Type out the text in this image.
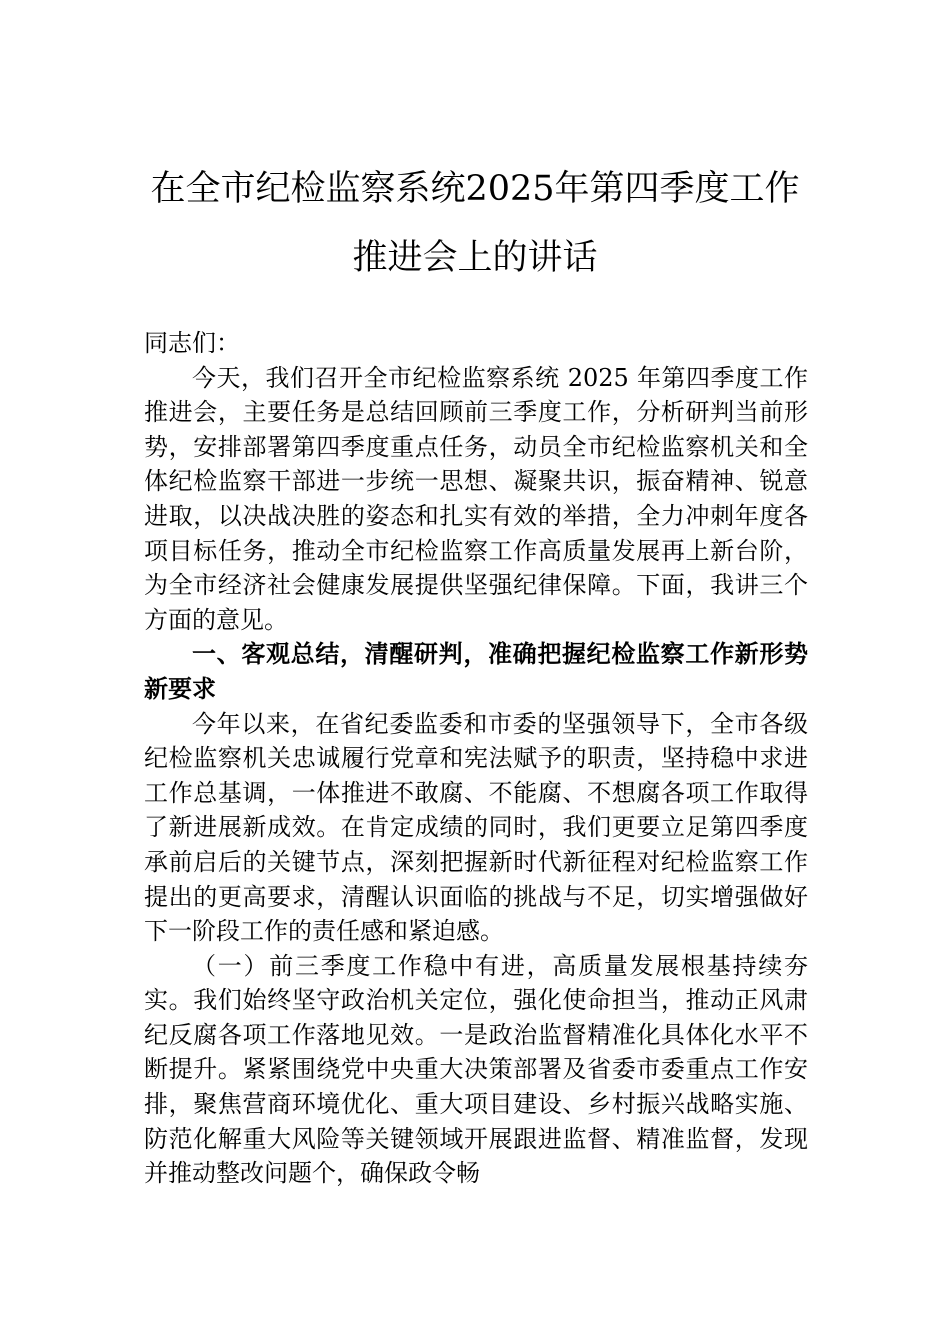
在全市纪检监察系统2025年第四季度工作
推进会上的讲话

同志们：

今天，我们召开全市纪检监察系统 2025 年第四季度工作推进会，主要任务是总结回顾前三季度工作，分析研判当前形势，安排部署第四季度重点任务，动员全市纪检监察机关和全体纪检监察干部进一步统一思想、凝聚共识，振奋精神、锐意进取，以决战决胜的姿态和扎实有效的举措，全力冲刺年度各项目标任务，推动全市纪检监察工作高质量发展再上新台阶，为全市经济社会健康发展提供坚强纪律保障。下面，我讲三个方面的意见。

一、客观总结，清醒研判，准确把握纪检监察工作新形势新要求

今年以来，在省纪委监委和市委的坚强领导下，全市各级纪检监察机关忠诚履行党章和宪法赋予的职责，坚持稳中求进工作总基调，一体推进不敢腐、不能腐、不想腐各项工作取得了新进展新成效。在肯定成绩的同时，我们更要立足第四季度承前启后的关键节点，深刻把握新时代新征程对纪检监察工作提出的更高要求，清醒认识面临的挑战与不足，切实增强做好下一阶段工作的责任感和紧迫感。

（一）前三季度工作稳中有进，高质量发展根基持续夯实。我们始终坚守政治机关定位，强化使命担当，推动正风肃纪反腐各项工作落地见效。一是政治监督精准化具体化水平不断提升。紧紧围绕党中央重大决策部署及省委市委重点工作安排，聚焦营商环境优化、重大项目建设、乡村振兴战略实施、防范化解重大风险等关键领域开展跟进监督、精准监督，发现并推动整改问题个，确保政令畅
